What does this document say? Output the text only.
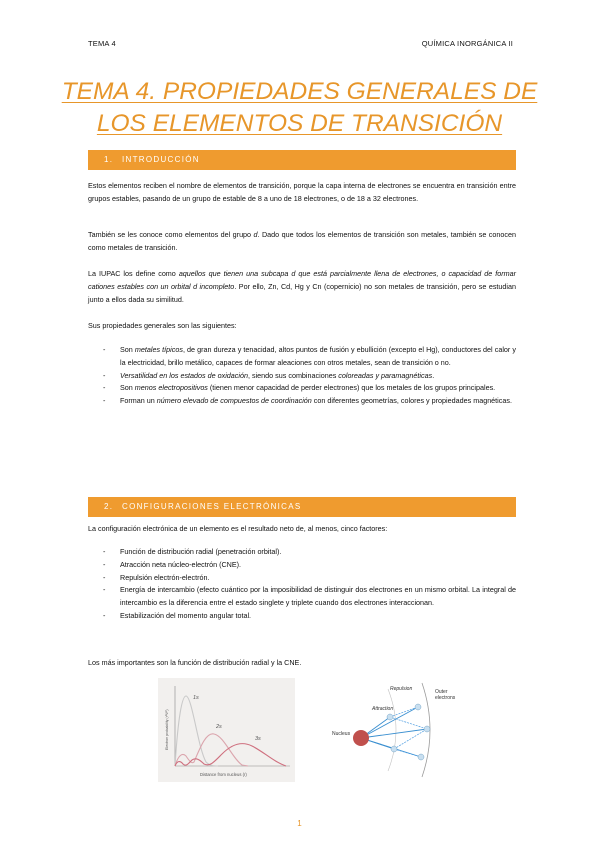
TEMA 4	QUÍMICA INORGÁNICA II
TEMA 4. PROPIEDADES GENERALES DE
LOS ELEMENTOS DE TRANSICIÓN
1. INTRODUCCIÓN
Estos elementos reciben el nombre de elementos de transición, porque la capa interna de electrones se encuentra en transición entre grupos estables, pasando de un grupo de estable de 8 a uno de 18 electrones, o de 18 a 32 electrones.
También se les conoce como elementos del grupo d. Dado que todos los elementos de transición son metales, también se conocen como metales de transición.
La IUPAC los define como aquellos que tienen una subcapa d que está parcialmente llena de electrones, o capacidad de formar cationes estables con un orbital d incompleto. Por ello, Zn, Cd, Hg y Cn (copernicio) no son metales de transición, pero se estudian junto a ellos dada su similitud.
Sus propiedades generales son las siguientes:
- Son metales típicos, de gran dureza y tenacidad, altos puntos de fusión y ebullición (excepto el Hg), conductores del calor y la electricidad, brillo metálico, capaces de formar aleaciones con otros metales, sean de transición o no.
- Versatilidad en los estados de oxidación, siendo sus combinaciones coloreadas y paramagnéticas.
- Son menos electropositivos (tienen menor capacidad de perder electrones) que los metales de los grupos principales.
- Forman un número elevado de compuestos de coordinación con diferentes geometrías, colores y propiedades magnéticas.
2. CONFIGURACIONES ELECTRÓNICAS
La configuración electrónica de un elemento es el resultado neto de, al menos, cinco factores:
- Función de distribución radial (penetración orbital).
- Atracción neta núcleo-electrón (CNE).
- Repulsión electrón-electrón.
- Energía de intercambio (efecto cuántico por la imposibilidad de distinguir dos electrones en un mismo orbital. La integral de intercambio es la diferencia entre el estado singlete y triplete cuando dos electrones interaccionan.
- Estabilización del momento angular total.
Los más importantes son la función de distribución radial y la CNE.
1s
2s
3s
Electron probability (r²Ψ²)
Distance from nucleus (r)
Repulsion
Attraction
Nucleus
Outer
electrons
1
